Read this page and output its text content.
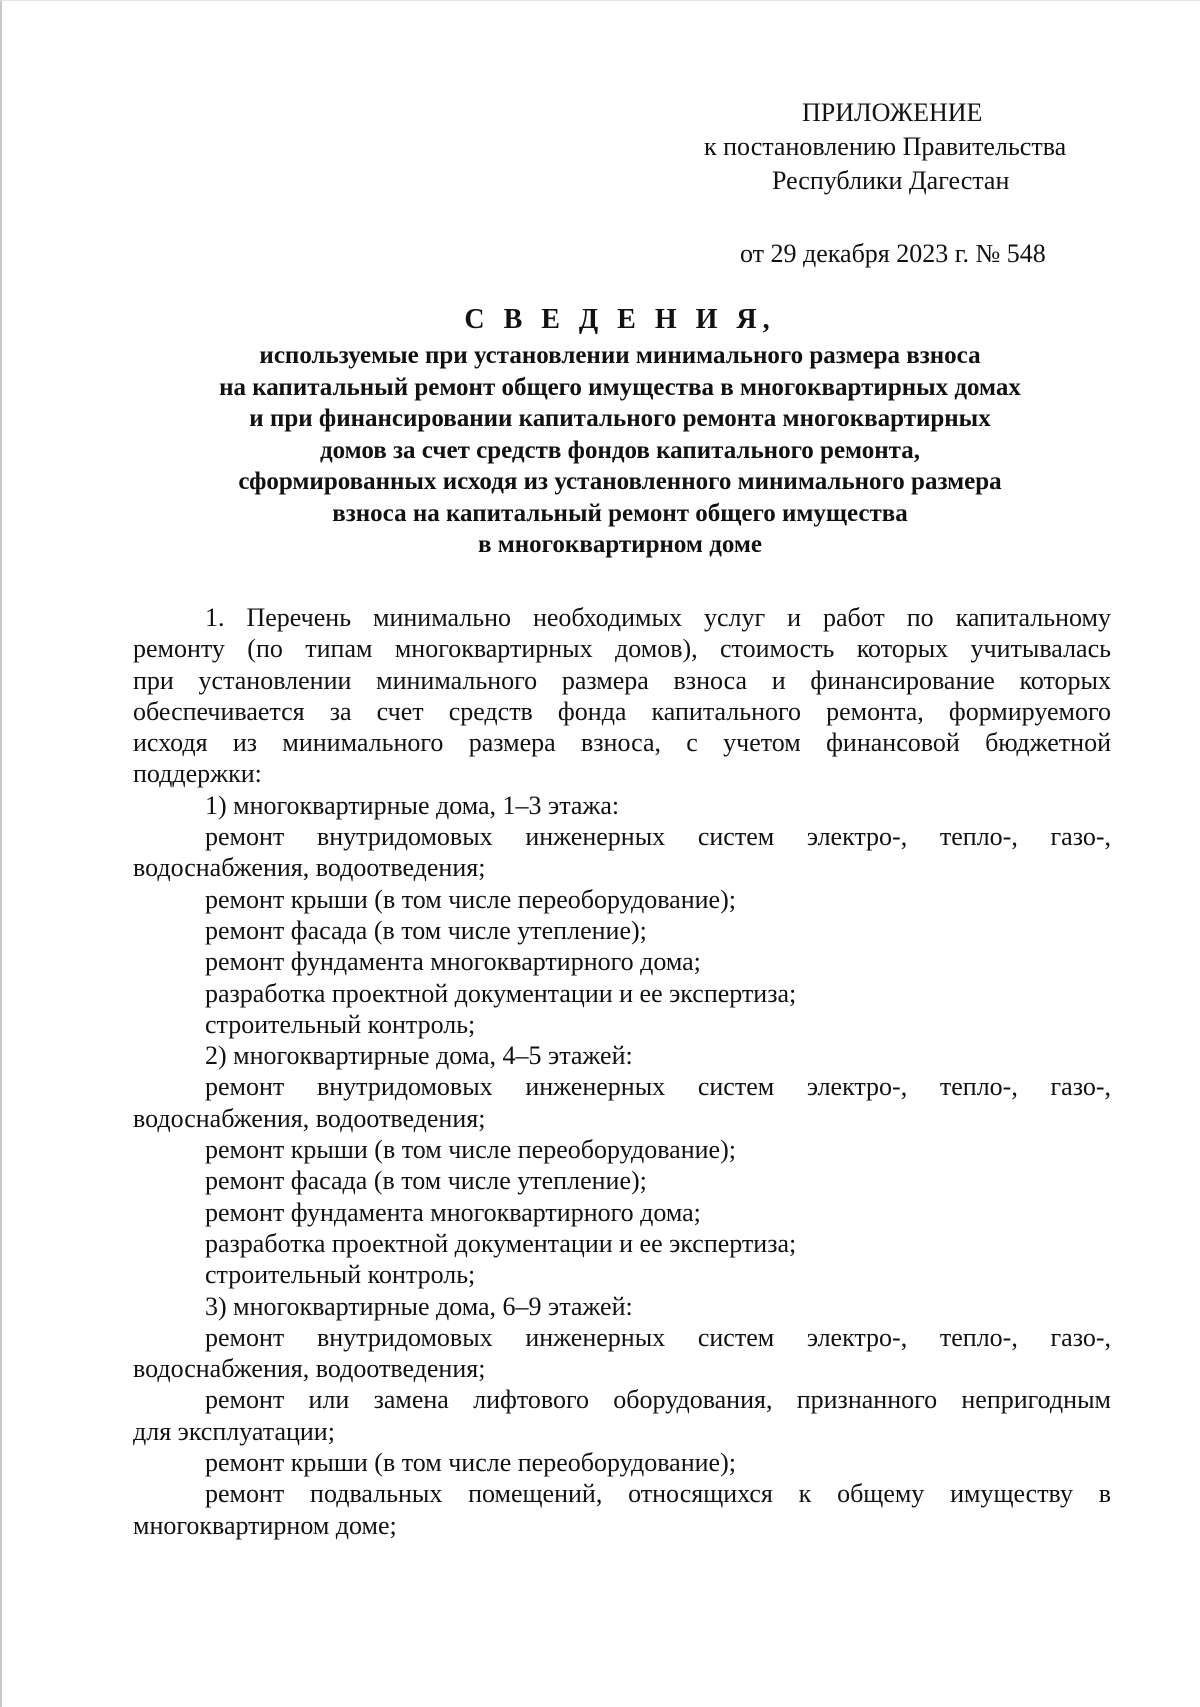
ПРИЛОЖЕНИЕ
к постановлению Правительства
Республики Дагестан
от 29 декабря 2023 г. № 548
С В Е Д Е Н И Я,
используемые при установлении минимального размера взноса
на капитальный ремонт общего имущества в многоквартирных домах
и при финансировании капитального ремонта многоквартирных
домов за счет средств фондов капитального ремонта,
сформированных исходя из установленного минимального размера
взноса на капитальный ремонт общего имущества
в многоквартирном доме
1. Перечень минимально необходимых услуг и работ по капитальному
ремонту (по типам многоквартирных домов), стоимость которых учитывалась
при установлении минимального размера взноса и финансирование которых
обеспечивается за счет средств фонда капитального ремонта, формируемого
исходя из минимального размера взноса, с учетом финансовой бюджетной
поддержки:
1) многоквартирные дома, 1–3 этажа:
ремонт внутридомовых инженерных систем электро-, тепло-, газо-,
водоснабжения, водоотведения;
ремонт крыши (в том числе переоборудование);
ремонт фасада (в том числе утепление);
ремонт фундамента многоквартирного дома;
разработка проектной документации и ее экспертиза;
строительный контроль;
2) многоквартирные дома, 4–5 этажей:
ремонт внутридомовых инженерных систем электро-, тепло-, газо-,
водоснабжения, водоотведения;
ремонт крыши (в том числе переоборудование);
ремонт фасада (в том числе утепление);
ремонт фундамента многоквартирного дома;
разработка проектной документации и ее экспертиза;
строительный контроль;
3) многоквартирные дома, 6–9 этажей:
ремонт внутридомовых инженерных систем электро-, тепло-, газо-,
водоснабжения, водоотведения;
ремонт или замена лифтового оборудования, признанного непригодным
для эксплуатации;
ремонт крыши (в том числе переоборудование);
ремонт подвальных помещений, относящихся к общему имуществу в
многоквартирном доме;
